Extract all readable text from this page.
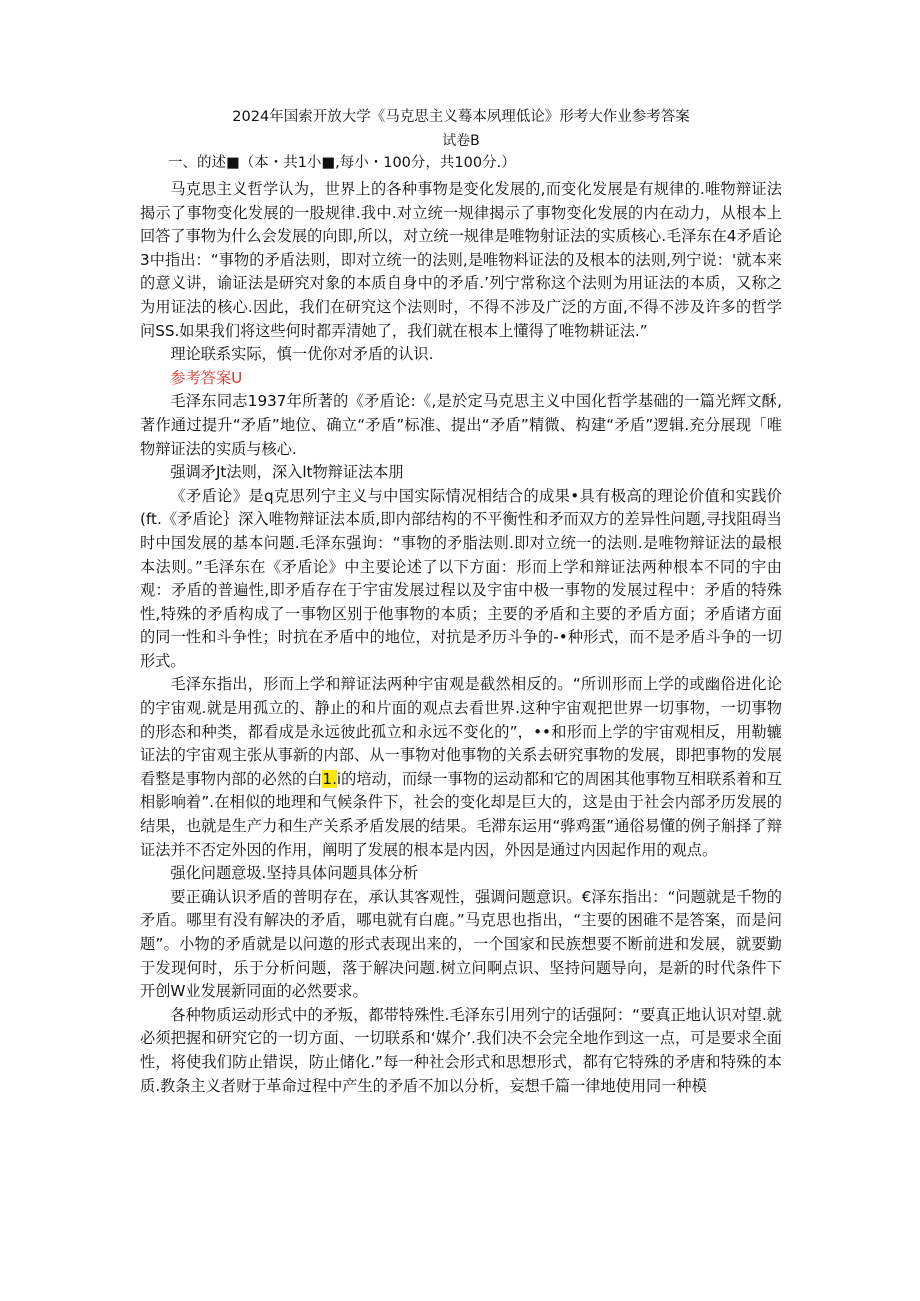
2024年国索开放大学《马克思主义蓦本夙理低论》形考大作业参考答案
试卷B
一、的述■（本・共1小■,每小・100分，共100分.）

马克思主义哲学认为，世界上的各种事物是变化发展的,而变化发展是有规律的.唯物辩证法揭示了事物变化发展的一股规律.我中.对立统一规律揭示了事物变化发展的内在动力，从根本上回答了事物为什么会发展的向即,所以，对立统一规律是唯物射证法的实质核心.毛泽东在4矛盾论3中指出：“事物的矛盾法则，即对立统一的法则,是唯物料证法的及根本的法则,列宁说：'就本来的意义讲，谕证法是研究对象的本质自身中的矛盾.’列宁常称这个法则为用证法的本质，又称之为用证法的核心.因此，我们在研究这个法则时，不得不涉及广泛的方面,不得不涉及许多的哲学问SS.如果我们将这些何时都弄清她了，我们就在根本上懂得了唯物耕证法.”

理论联系实际，慎一优你对矛盾的认识.

参考答案U

毛泽东同志1937年所著的《矛盾论:《,是於定马克思主义中国化哲学基础的一篇光辉文酥,著作通过提升“矛盾”地位、确立“矛盾”标准、提出“矛盾”精微、构建“矛盾”逻辑.充分展现「唯物辩证法的实质与核心.

强调矛Jt法则，深入lt物辩证法本朋

《矛盾论》是q克思列宁主义与中国实际情况相结合的成果•具有极高的理论价值和实践价(ft.《矛盾论｝深入唯物辩证法本质,即内部结构的不平衡性和矛而双方的差异性问题,寻找阻碍当时中国发展的基本问题.毛泽东强询：“事物的矛脂法则.即对立统一的法则.是唯物辩证法的最根本法则。”毛泽东在《矛盾论》中主要论述了以下方面：形而上学和辩证法两种根本不同的宇由观：矛盾的普遍性,即矛盾存在于宇宙发展过程以及宇宙中极一事物的发展过程中：矛盾的特殊性,特殊的矛盾构成了一事物区别于他事物的本质；主要的矛盾和主要的矛盾方面；矛盾诸方面的同一性和斗争性；时抗在矛盾中的地位，对抗是矛历斗争的-•种形式，而不是矛盾斗争的一切形式。

毛泽东指出，形而上学和辩证法两种宇宙观是截然相反的。“所训形而上学的或幽俗进化论的宇宙观.就是用孤立的、静止的和片面的观点去看世界.这种宇宙观把世界一切事物，一切事物的形态和种类，都看成是永远彼此孤立和永远不变化的”，••和形而上学的宇宙观相反，用勒辘证法的宇宙观主张从事新的内部、从一事物对他事物的关系去研究事物的发展，即把事物的发展看整是事物内部的必然的白1.i的培动，而绿一事物的运动都和它的周困其他事物互相联系着和互相影响着”.在相似的地理和气候条件下，社会的变化却是巨大的，这是由于社会内部矛历发展的结果，也就是生产力和生产关系矛盾发展的结果。毛滞东运用“骅鸡蛋”通俗易懂的例子斛择了辩证法并不否定外因的作用，阐明了发展的根本是内因，外因是通过内因起作用的观点。

强化问题意圾.坚持具体问题具体分析

要正确认识矛盾的普明存在，承认其客观性，强调问题意识。€泽东指出：“问题就是千物的矛盾。哪里有没有解决的矛盾，哪电就有白鹿。”马克思也指出，“主要的困碓不是答案，而是问题”。小物的矛盾就是以问遨的形式表现出来的，一个国家和民族想要不断前进和发展，就要勤于发现何时，乐于分析问题，落于解决问题.树立问啊点识、坚持问题导向，是新的时代条件下开创W业发展新同面的必然要求。

各种物质运动形式中的矛叛，都带特殊性.毛泽东引用列宁的话强阿：“要真正地认识对望.就必须把握和研究它的一切方面、一切联系和‘媒介’.我们决不会完全地作到这一点，可是要求全面性，将使我们防止错误，防止储化.”每一种社会形式和思想形式，都有它特殊的矛唐和特殊的本质.教条主义者财于革命过程中产生的矛盾不加以分析，妄想千篇一律地使用同一种模
